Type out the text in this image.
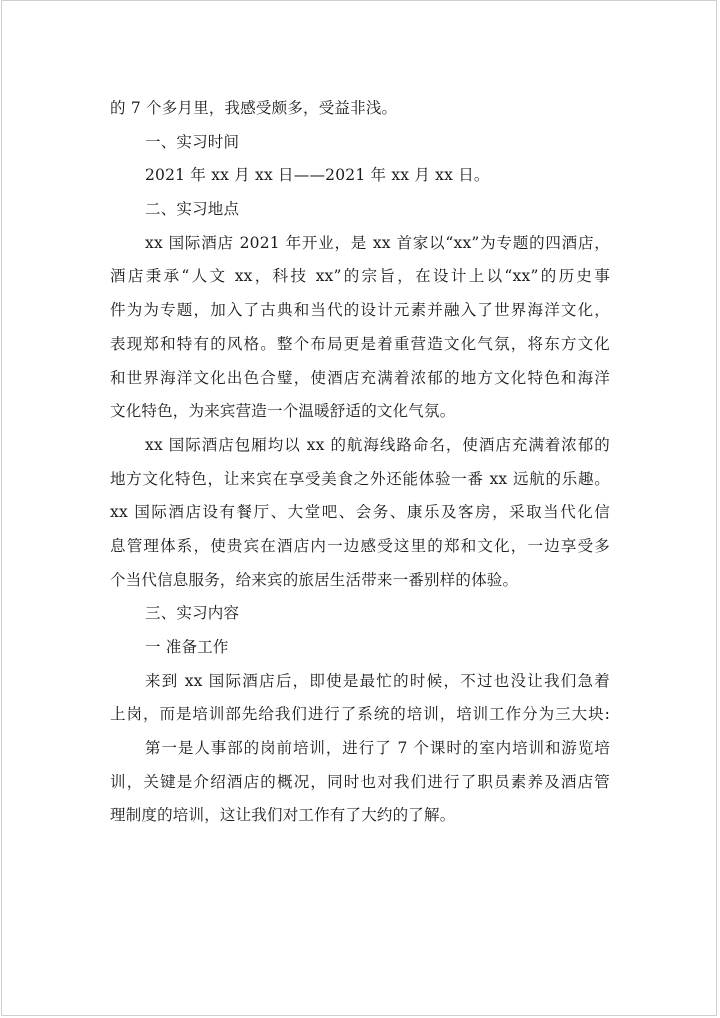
的 7 个多月里，我感受颇多，受益非浅。
一、实习时间
2021 年 xx 月 xx 日——2021 年 xx 月 xx 日。
二、实习地点
xx 国际酒店 2021 年开业，是 xx 首家以“xx”为专题的四酒店，
酒店秉承“人文 xx，科技 xx”的宗旨，在设计上以“xx”的历史事
件为为专题，加入了古典和当代的设计元素并融入了世界海洋文化，
表现郑和特有的风格。整个布局更是着重营造文化气氛，将东方文化
和世界海洋文化出色合璧，使酒店充满着浓郁的地方文化特色和海洋
文化特色，为来宾营造一个温暖舒适的文化气氛。
xx 国际酒店包厢均以 xx 的航海线路命名，使酒店充满着浓郁的
地方文化特色，让来宾在享受美食之外还能体验一番 xx 远航的乐趣。
xx 国际酒店设有餐厅、大堂吧、会务、康乐及客房，采取当代化信
息管理体系，使贵宾在酒店内一边感受这里的郑和文化，一边享受多
个当代信息服务，给来宾的旅居生活带来一番别样的体验。
三、实习内容
一 准备工作
来到 xx 国际酒店后，即使是最忙的时候，不过也没让我们急着
上岗，而是培训部先给我们进行了系统的培训，培训工作分为三大块:
第一是人事部的岗前培训，进行了 7 个课时的室内培训和游览培
训，关键是介绍酒店的概况，同时也对我们进行了职员素养及酒店管
理制度的培训，这让我们对工作有了大约的了解。
